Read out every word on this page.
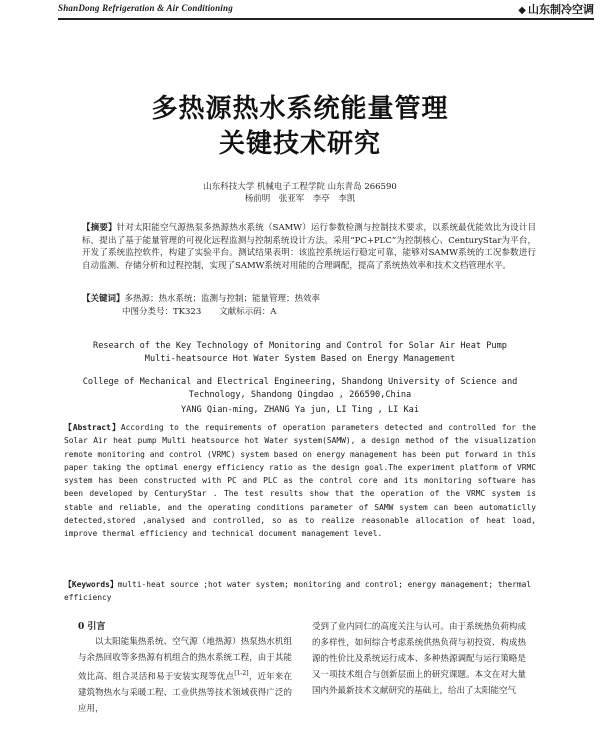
ShanDong Refrigeration & Air Conditioning	◆ 山东制冷空调
多热源热水系统能量管理
关键技术研究
山东科技大学 机械电子工程学院 山东青岛 266590
杨前明　张亚军　李亭　李凯
【摘要】针对太阳能空气源热泵多热源热水系统（SAMW）运行参数检测与控制技术要求，以系统最优能效比为设计目标，提出了基于能量管理的可视化远程监测与控制系统设计方法。采用“PC+PLC”为控制核心、CenturyStar为平台，开发了系统监控软件，构建了实验平台。测试结果表明：该监控系统运行稳定可靠，能够对SAMW系统的工况参数进行自动监测、存储分析和过程控制，实现了SAMW系统对用能的合理调配，提高了系统热效率和技术文档管理水平。
【关键词】多热源；热水系统；监测与控制；能量管理；热效率
中图分类号：TK323 文献标示码：A
Research of the Key Technology of Monitoring and Control for Solar Air Heat Pump
Multi-heatsource Hot Water System Based on Energy Management
College of Mechanical and Electrical Engineering, Shandong University of Science and
Technology, Shandong Qingdao , 266590,China
YANG Qian-ming, ZHANG Ya jun, LI Ting , LI Kai
【Abstract】According to the requirements of operation parameters detected and controlled for the Solar Air heat pump Multi heatsource hot Water system(SAMW), a design method of the visualization remote monitoring and control (VRMC) system based on energy management has been put forward in this paper taking the optimal energy efficiency ratio as the design goal.The experiment platform of VRMC system has been constructed with PC and PLC as the control core and its monitoring software has been developed by CenturyStar . The test results show that the operation of the VRMC system is stable and reliable, and the operating conditions parameter of SAMW system can been automaticlly detected,stored ,analysed and controlled, so as to realize reasonable allocation of heat load, improve thermal efficiency and technical document management level.
【Keywords】multi-heat source ;hot water system; monitoring and control; energy management; thermal efficiency
0 引言
以太阳能集热系统、空气源（地热源）热泵热水机组与余热回收等多热源有机组合的热水系统工程，由于其能效比高、组合灵活和易于安装实现等优点[1-2]，近年来在建筑物热水与采暖工程、工业供热等技术领域获得广泛的应用，
受到了业内同仁的高度关注与认可。由于系统热负荷构成的多样性，如何综合考虑系统供热负荷与初投资、构成热源的性价比及系统运行成本、多种热源调配与运行策略是又一项技术组合与创新层面上的研究课题。本文在对大量国内外最新技术文献研究的基础上，给出了太阳能空气
